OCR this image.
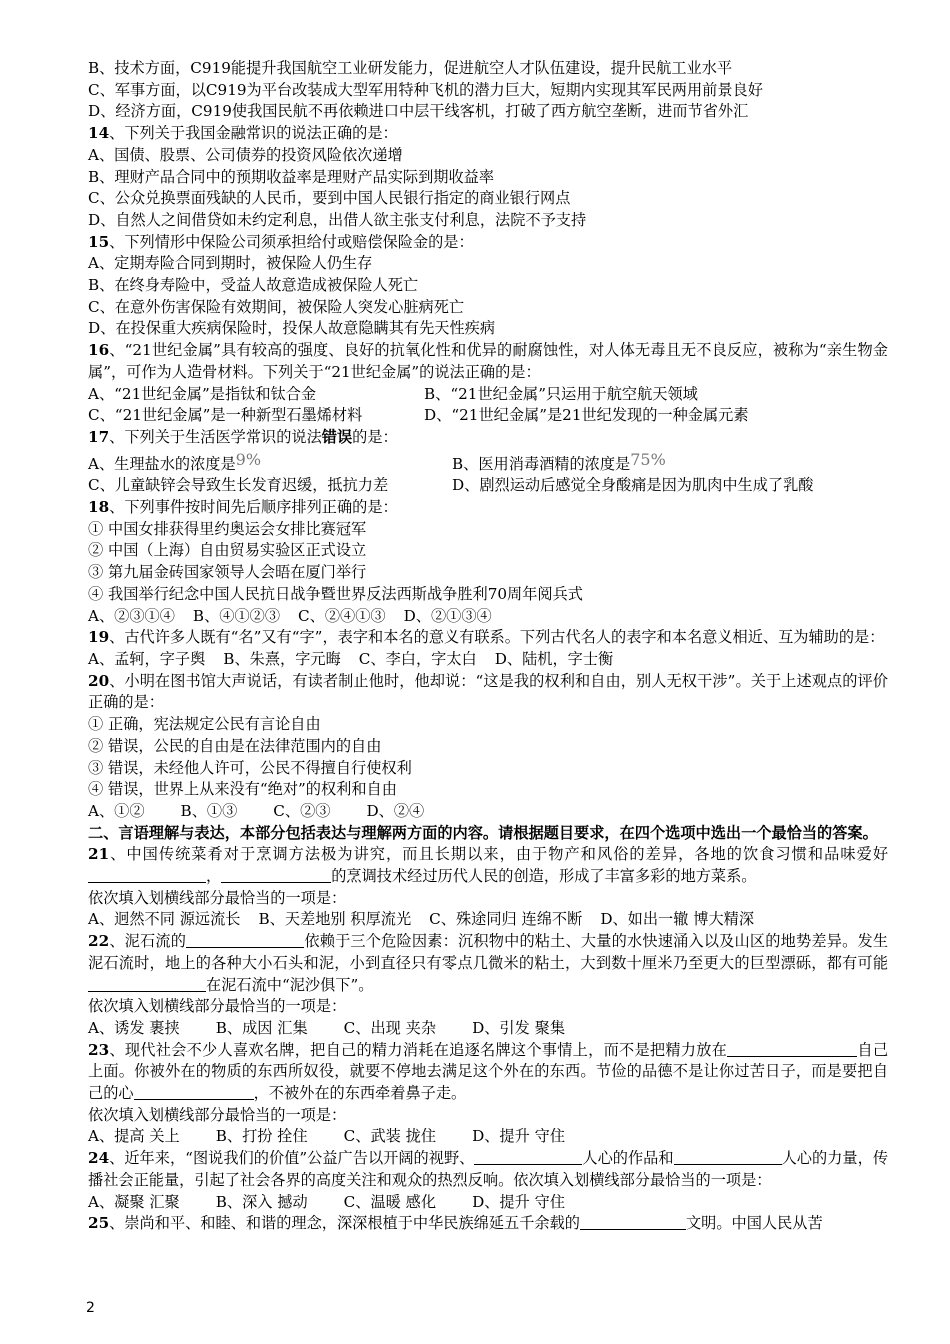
B、技术方面，C919能提升我国航空工业研发能力，促进航空人才队伍建设，提升民航工业水平
C、军事方面，以C919为平台改装成大型军用特种飞机的潜力巨大，短期内实现其军民两用前景良好
D、经济方面，C919使我国民航不再依赖进口中层干线客机，打破了西方航空垄断，进而节省外汇
14、下列关于我国金融常识的说法正确的是：
A、国债、股票、公司债券的投资风险依次递增
B、理财产品合同中的预期收益率是理财产品实际到期收益率
C、公众兑换票面残缺的人民币，要到中国人民银行指定的商业银行网点
D、自然人之间借贷如未约定利息，出借人欲主张支付利息，法院不予支持
15、下列情形中保险公司须承担给付或赔偿保险金的是：
A、定期寿险合同到期时，被保险人仍生存
B、在终身寿险中，受益人故意造成被保险人死亡
C、在意外伤害保险有效期间，被保险人突发心脏病死亡
D、在投保重大疾病保险时，投保人故意隐瞒其有先天性疾病
16、“21世纪金属”具有较高的强度、良好的抗氧化性和优异的耐腐蚀性，对人体无毒且无不良反应，被称为“亲生物金属”，可作为人造骨材料。下列关于“21世纪金属”的说法正确的是：
A、“21世纪金属”是指钛和钛合金	B、“21世纪金属”只运用于航空航天领域
C、“21世纪金属”是一种新型石墨烯材料	D、“21世纪金属”是21世纪发现的一种金属元素
17、下列关于生活医学常识的说法错误的是：
A、生理盐水的浓度是9%	B、医用消毒酒精的浓度是75%
C、儿童缺锌会导致生长发育迟缓，抵抗力差	D、剧烈运动后感觉全身酸痛是因为肌肉中生成了乳酸
18、下列事件按时间先后顺序排列正确的是：
① 中国女排获得里约奥运会女排比赛冠军
② 中国（上海）自由贸易实验区正式设立
③ 第九届金砖国家领导人会晤在厦门举行
④ 我国举行纪念中国人民抗日战争暨世界反法西斯战争胜利70周年阅兵式
A、②③①④ B、④①②③ C、②④①③ D、②①③④
19、古代许多人既有“名”又有“字”，表字和本名的意义有联系。下列古代名人的表字和本名意义相近、互为辅助的是：
A、孟轲，字子舆 B、朱熹，字元晦 C、李白，字太白 D、陆机，字士衡
20、小明在图书馆大声说话，有读者制止他时，他却说：“这是我的权利和自由，别人无权干涉”。关于上述观点的评价正确的是：
① 正确，宪法规定公民有言论自由
② 错误，公民的自由是在法律范围内的自由
③ 错误，未经他人许可，公民不得擅自行使权利
④ 错误，世界上从来没有“绝对”的权利和自由
A、①② B、①③ C、②③ D、②④
二、言语理解与表达，本部分包括表达与理解两方面的内容。请根据题目要求，在四个选项中选出一个最恰当的答案。
21、中国传统菜肴对于烹调方法极为讲究，而且长期以来，由于物产和风俗的差异，各地的饮食习惯和品味爱好，	的烹调技术经过历代人民的创造，形成了丰富多彩的地方菜系。
依次填入划横线部分最恰当的一项是：
A、迥然不同 源远流长 B、天差地别 积厚流光 C、殊途同归 连绵不断 D、如出一辙 博大精深
22、泥石流的	依赖于三个危险因素：沉积物中的粘土、大量的水快速涌入以及山区的地势差异。发生泥石流时，地上的各种大小石头和泥，小到直径只有零点几微米的粘土，大到数十厘米乃至更大的巨型漂砾，都有可能在泥石流中“泥沙俱下”。
依次填入划横线部分最恰当的一项是：
A、诱发 裹挟 B、成因 汇集 C、出现 夹杂 D、引发 聚集
23、现代社会不少人喜欢名牌，把自己的精力消耗在追逐名牌这个事情上，而不是把精力放在	自己上面。你被外在的物质的东西所奴役，就要不停地去满足这个外在的东西。节俭的品德不是让你过苦日子，而是要把自己的心	，不被外在的东西牵着鼻子走。
依次填入划横线部分最恰当的一项是：
A、提高 关上 B、打扮 拴住 C、武装 拢住 D、提升 守住
24、近年来，“图说我们的价值”公益广告以开阔的视野、	人心的作品和	人心的力量，传播社会正能量，引起了社会各界的高度关注和观众的热烈反响。依次填入划横线部分最恰当的一项是：
A、凝聚 汇聚 B、深入 撼动 C、温暖 感化 D、提升 守住
25、崇尚和平、和睦、和谐的理念，深深根植于中华民族绵延五千余载的	文明。中国人民从苦
2
